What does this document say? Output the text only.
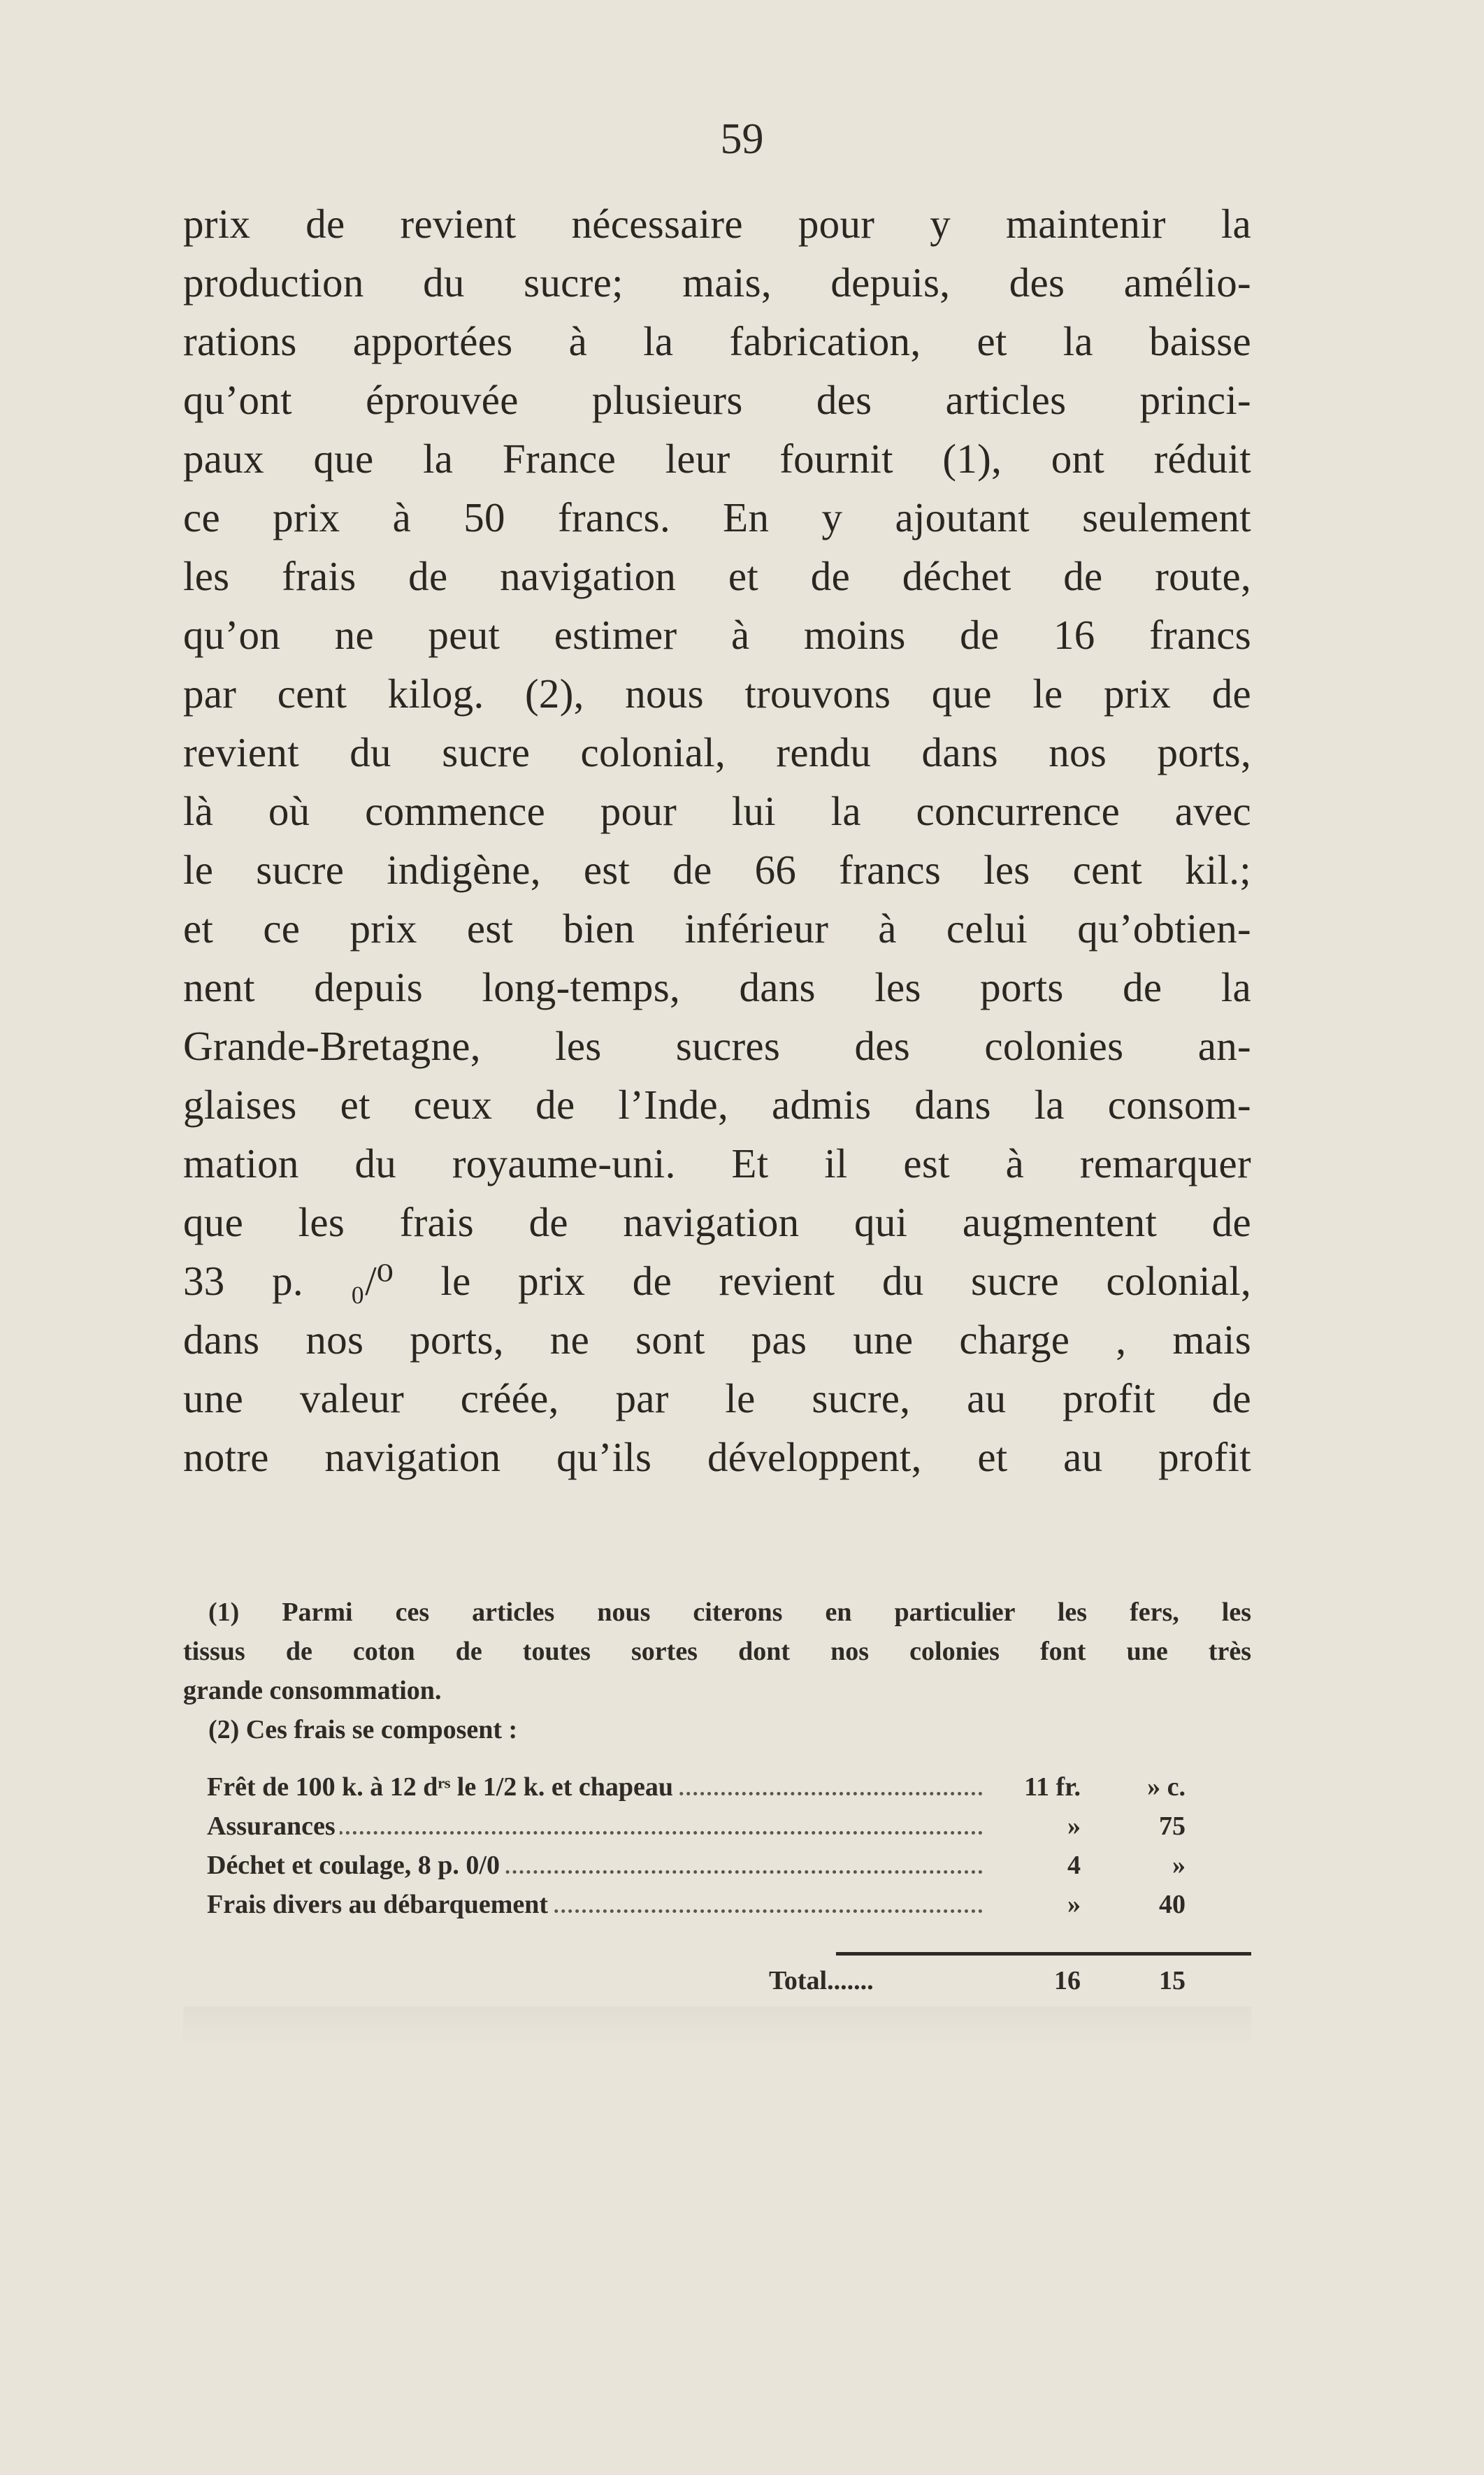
59
prix de revient nécessaire pour y maintenir la
production du sucre; mais, depuis, des amélio-
rations apportées à la fabrication, et la baisse
qu’ont éprouvée plusieurs des articles princi-
paux que la France leur fournit (1), ont réduit
ce prix à 50 francs. En y ajoutant seulement
les frais de navigation et de déchet de route,
qu’on ne peut estimer à moins de 16 francs
par cent kilog. (2), nous trouvons que le prix de
revient du sucre colonial, rendu dans nos ports,
là où commence pour lui la concurrence avec
le sucre indigène, est de 66 francs les cent kil.;
et ce prix est bien inférieur à celui qu’obtien-
nent depuis long-temps, dans les ports de la
Grande-Bretagne, les sucres des colonies an-
glaises et ceux de l’Inde, admis dans la consom-
mation du royaume-uni. Et il est à remarquer
que les frais de navigation qui augmentent de
33 p. ₀/⁰ le prix de revient du sucre colonial,
dans nos ports, ne sont pas une charge , mais
une valeur créée, par le sucre, au profit de
notre navigation qu’ils développent, et au profit
(1) Parmi ces articles nous citerons en particulier les fers, les
tissus de coton de toutes sortes dont nos colonies font une très
grande consommation.
(2) Ces frais se composent :
Frêt de 100 k. à 12 dʳˢ le 1/2 k. et chapeau	11 fr.	» c.
Assurances	»	75
Déchet et coulage, 8 p. 0/0	4	»
Frais divers au débarquement	»	40
Total.......	16	15
